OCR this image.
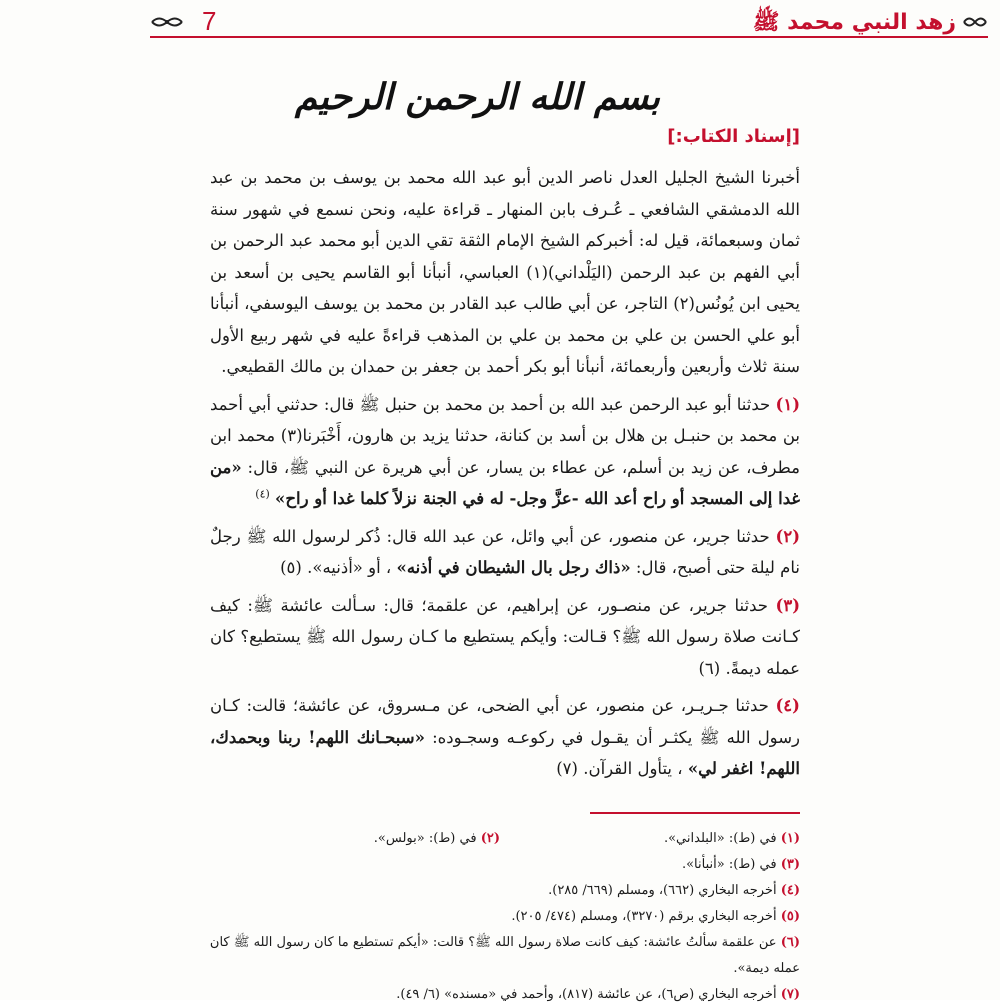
زهد النبي محمد ﷺ
7
بسم الله الرحمن الرحيم
[إسناد الكتاب:]

أخبرنا الشيخ الجليل العدل ناصر الدين أبو عبد الله محمد بن يوسف بن محمد بن عبد الله الدمشقي الشافعي ـ عُـرف بابن المنهار ـ قراءة عليه، ونحن نسمع في شهور سنة ثمان وسبعمائة، قيل له: أخبركم الشيخ الإمام الثقة تقي الدين أبو محمد عبد الرحمن بن أبي الفهم بن عبد الرحمن (اليَلْداني)(١) العباسي، أنبأنا أبو القاسم يحيى بن أسعد بن يحيى ابن يُونُس(٢) التاجر، عن أبي طالب عبد القادر بن محمد بن يوسف اليوسفي، أنبأنا أبو علي الحسن بن علي بن محمد بن علي بن المذهب قراءةً عليه في شهر ربيع الأول سنة ثلاث وأربعين وأربعمائة، أنبأنا أبو بكر أحمد بن جعفر بن حمدان بن مالك القطيعي.

(١) حدثنا أبو عبد الرحمن عبد الله بن أحمد بن محمد بن حنبل ﷺ قال: حدثني أبي أحمد بن محمد بن حنبـل بن هلال بن أسد بن كنانة، حدثنا يزيد بن هارون، أَخْبَرنا(٣) محمد ابن مطرف، عن زيد بن أسلم، عن عطاء بن يسار، عن أبي هريرة عن النبي ﷺ، قال: «من غدا إلى المسجد أو راح أعد الله -عزَّ وجل- له في الجنة نزلاً كلما غدا أو راح» $^{(٤)}$

(٢) حدثنا جرير، عن منصور، عن أبي وائل، عن عبد الله قال: ذُكر لرسول الله ﷺ رجلٌ نام ليلة حتى أصبح، قال: «ذاك رجل بال الشيطان في أذنه» ، أو «أذنيه». (٥)

(٣) حدثنا جرير، عن منصـور، عن إبراهيم، عن علقمة؛ قال: سـألت عائشة ﷺ: كيف كـانت صلاة رسول الله ﷺ؟ قـالت: وأيكم يستطيع ما كـان رسول الله ﷺ يستطيع؟ كان عمله ديمةً. (٦)

(٤) حدثنا جـريـر، عن منصور، عن أبي الضحى، عن مـسروق، عن عائشة؛ قالت: كـان رسول الله ﷺ يكثـر أن يقـول في ركوعـه وسجـوده: «سبحـانك اللهم! ربنا وبحمدك، اللهم! اغفر لي» ، يتأول القرآن. (٧)

(١) في (ط): «البلداني».
(٢) في (ط): «بولس».
(٣) في (ط): «أنبأنا».
(٤) أخرجه البخاري (٦٦٢)، ومسلم (٦٦٩/ ٢٨٥).
(٥) أخرجه البخاري برقم (٣٢٧٠)، ومسلم (٤٧٤/ ٢٠٥).
(٦) عن علقمة سألتُ عائشة: كيف كانت صلاة رسول الله ﷺ؟ قالت: «أيكم تستطيع ما كان رسول الله ﷺ كان عمله ديمة».
(٧) أخرجه البخاري (ص٦)، عن عائشة (٨١٧)، وأحمد في «مسنده» (٦/ ٤٩).
